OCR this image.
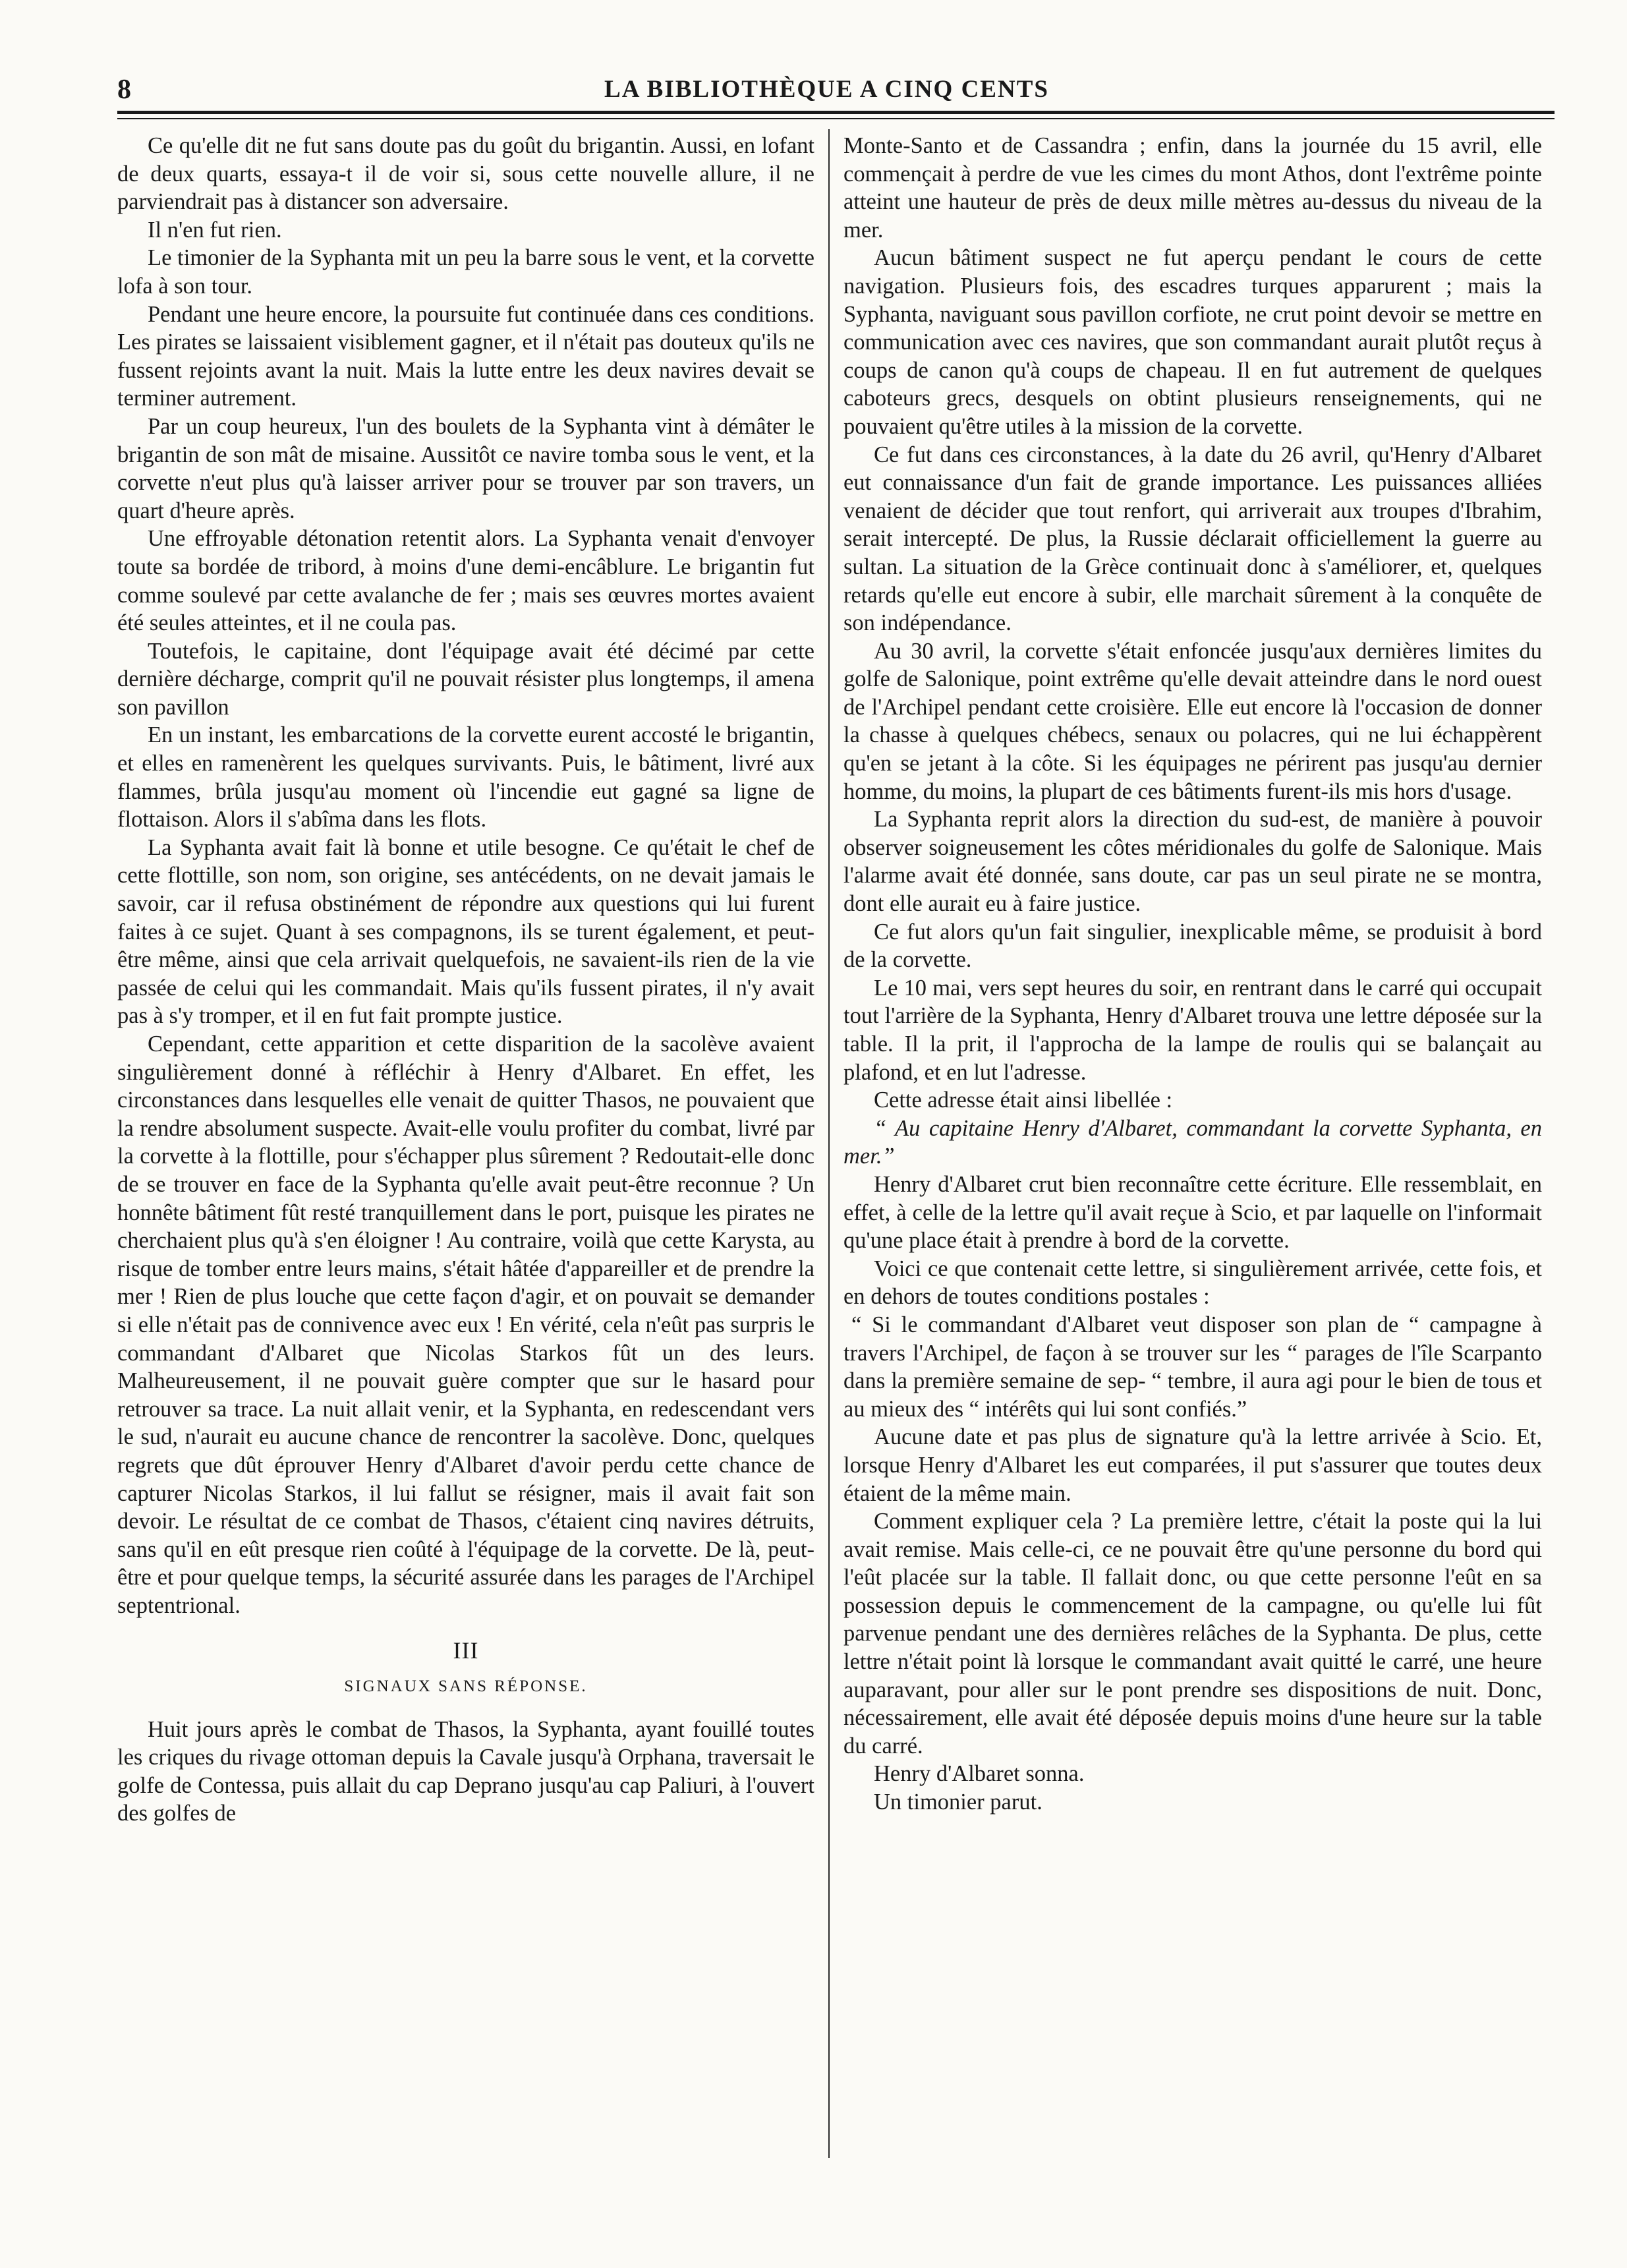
8	LA BIBLIOTHÈQUE A CINQ CENTS

Ce qu'elle dit ne fut sans doute pas du goût du brigantin. Aussi, en lofant de deux quarts, essaya-t il de voir si, sous cette nouvelle allure, il ne parviendrait pas à distancer son adversaire.

Il n'en fut rien.

Le timonier de la Syphanta mit un peu la barre sous le vent, et la corvette lofa à son tour.

Pendant une heure encore, la poursuite fut continuée dans ces conditions. Les pirates se laissaient visiblement gagner, et il n'était pas douteux qu'ils ne fussent rejoints avant la nuit. Mais la lutte entre les deux navires devait se terminer autrement.

Par un coup heureux, l'un des boulets de la Syphanta vint à démâter le brigantin de son mât de misaine. Aussitôt ce navire tomba sous le vent, et la corvette n'eut plus qu'à laisser arriver pour se trouver par son travers, un quart d'heure après.

Une effroyable détonation retentit alors. La Syphanta venait d'envoyer toute sa bordée de tribord, à moins d'une demi-encâblure. Le brigantin fut comme soulevé par cette avalanche de fer ; mais ses œuvres mortes avaient été seules atteintes, et il ne coula pas.

Toutefois, le capitaine, dont l'équipage avait été décimé par cette dernière décharge, comprit qu'il ne pouvait résister plus longtemps, il amena son pavillon

En un instant, les embarcations de la corvette eurent accosté le brigantin, et elles en ramenèrent les quelques survivants. Puis, le bâtiment, livré aux flammes, brûla jusqu'au moment où l'incendie eut gagné sa ligne de flottaison. Alors il s'abîma dans les flots.

La Syphanta avait fait là bonne et utile besogne. Ce qu'était le chef de cette flottille, son nom, son origine, ses antécédents, on ne devait jamais le savoir, car il refusa obstinément de répondre aux questions qui lui furent faites à ce sujet. Quant à ses compagnons, ils se turent également, et peut-être même, ainsi que cela arrivait quelquefois, ne savaient-ils rien de la vie passée de celui qui les commandait. Mais qu'ils fussent pirates, il n'y avait pas à s'y tromper, et il en fut fait prompte justice.

Cependant, cette apparition et cette disparition de la sacolève avaient singulièrement donné à réfléchir à Henry d'Albaret. En effet, les circonstances dans lesquelles elle venait de quitter Thasos, ne pouvaient que la rendre absolument suspecte. Avait-elle voulu profiter du combat, livré par la corvette à la flottille, pour s'échapper plus sûrement ? Redoutait-elle donc de se trouver en face de la Syphanta qu'elle avait peut-être reconnue ? Un honnête bâtiment fût resté tranquillement dans le port, puisque les pirates ne cherchaient plus qu'à s'en éloigner ! Au contraire, voilà que cette Karysta, au risque de tomber entre leurs mains, s'était hâtée d'appareiller et de prendre la mer ! Rien de plus louche que cette façon d'agir, et on pouvait se demander si elle n'était pas de connivence avec eux ! En vérité, cela n'eût pas surpris le commandant d'Albaret que Nicolas Starkos fût un des leurs. Malheureusement, il ne pouvait guère compter que sur le hasard pour retrouver sa trace. La nuit allait venir, et la Syphanta, en redescendant vers le sud, n'aurait eu aucune chance de rencontrer la sacolève. Donc, quelques regrets que dût éprouver Henry d'Albaret d'avoir perdu cette chance de capturer Nicolas Starkos, il lui fallut se résigner, mais il avait fait son devoir. Le résultat de ce combat de Thasos, c'étaient cinq navires détruits, sans qu'il en eût presque rien coûté à l'équipage de la corvette. De là, peut-être et pour quelque temps, la sécurité assurée dans les parages de l'Archipel septentrional.

III
SIGNAUX SANS RÉPONSE.

Huit jours après le combat de Thasos, la Syphanta, ayant fouillé toutes les criques du rivage ottoman depuis la Cavale jusqu'à Orphana, traversait le golfe de Contessa, puis allait du cap Deprano jusqu'au cap Paliuri, à l'ouvert des golfes de

Monte-Santo et de Cassandra ; enfin, dans la journée du 15 avril, elle commençait à perdre de vue les cimes du mont Athos, dont l'extrême pointe atteint une hauteur de près de deux mille mètres au-dessus du niveau de la mer.

Aucun bâtiment suspect ne fut aperçu pendant le cours de cette navigation. Plusieurs fois, des escadres turques apparurent ; mais la Syphanta, naviguant sous pavillon corfiote, ne crut point devoir se mettre en communication avec ces navires, que son commandant aurait plutôt reçus à coups de canon qu'à coups de chapeau. Il en fut autrement de quelques caboteurs grecs, desquels on obtint plusieurs renseignements, qui ne pouvaient qu'être utiles à la mission de la corvette.

Ce fut dans ces circonstances, à la date du 26 avril, qu'Henry d'Albaret eut connaissance d'un fait de grande importance. Les puissances alliées venaient de décider que tout renfort, qui arriverait aux troupes d'Ibrahim, serait intercepté. De plus, la Russie déclarait officiellement la guerre au sultan. La situation de la Grèce continuait donc à s'améliorer, et, quelques retards qu'elle eut encore à subir, elle marchait sûrement à la conquête de son indépendance.

Au 30 avril, la corvette s'était enfoncée jusqu'aux dernières limites du golfe de Salonique, point extrême qu'elle devait atteindre dans le nord ouest de l'Archipel pendant cette croisière. Elle eut encore là l'occasion de donner la chasse à quelques chébecs, senaux ou polacres, qui ne lui échappèrent qu'en se jetant à la côte. Si les équipages ne périrent pas jusqu'au dernier homme, du moins, la plupart de ces bâtiments furent-ils mis hors d'usage.

La Syphanta reprit alors la direction du sud-est, de manière à pouvoir observer soigneusement les côtes méridionales du golfe de Salonique. Mais l'alarme avait été donnée, sans doute, car pas un seul pirate ne se montra, dont elle aurait eu à faire justice.

Ce fut alors qu'un fait singulier, inexplicable même, se produisit à bord de la corvette.

Le 10 mai, vers sept heures du soir, en rentrant dans le carré qui occupait tout l'arrière de la Syphanta, Henry d'Albaret trouva une lettre déposée sur la table. Il la prit, il l'approcha de la lampe de roulis qui se balançait au plafond, et en lut l'adresse.

Cette adresse était ainsi libellée :

“ Au capitaine Henry d'Albaret, commandant la corvette Syphanta, en mer.”

Henry d'Albaret crut bien reconnaître cette écriture. Elle ressemblait, en effet, à celle de la lettre qu'il avait reçue à Scio, et par laquelle on l'informait qu'une place était à prendre à bord de la corvette.

Voici ce que contenait cette lettre, si singulièrement arrivée, cette fois, et en dehors de toutes conditions postales :

“ Si le commandant d'Albaret veut disposer son plan de “ campagne à travers l'Archipel, de façon à se trouver sur les “ parages de l'île Scarpanto dans la première semaine de sep- “ tembre, il aura agi pour le bien de tous et au mieux des “ intérêts qui lui sont confiés.”

Aucune date et pas plus de signature qu'à la lettre arrivée à Scio. Et, lorsque Henry d'Albaret les eut comparées, il put s'assurer que toutes deux étaient de la même main.

Comment expliquer cela ? La première lettre, c'était la poste qui la lui avait remise. Mais celle-ci, ce ne pouvait être qu'une personne du bord qui l'eût placée sur la table. Il fallait donc, ou que cette personne l'eût en sa possession depuis le commencement de la campagne, ou qu'elle lui fût parvenue pendant une des dernières relâches de la Syphanta. De plus, cette lettre n'était point là lorsque le commandant avait quitté le carré, une heure auparavant, pour aller sur le pont prendre ses dispositions de nuit. Donc, nécessairement, elle avait été déposée depuis moins d'une heure sur la table du carré.

Henry d'Albaret sonna.

Un timonier parut.
